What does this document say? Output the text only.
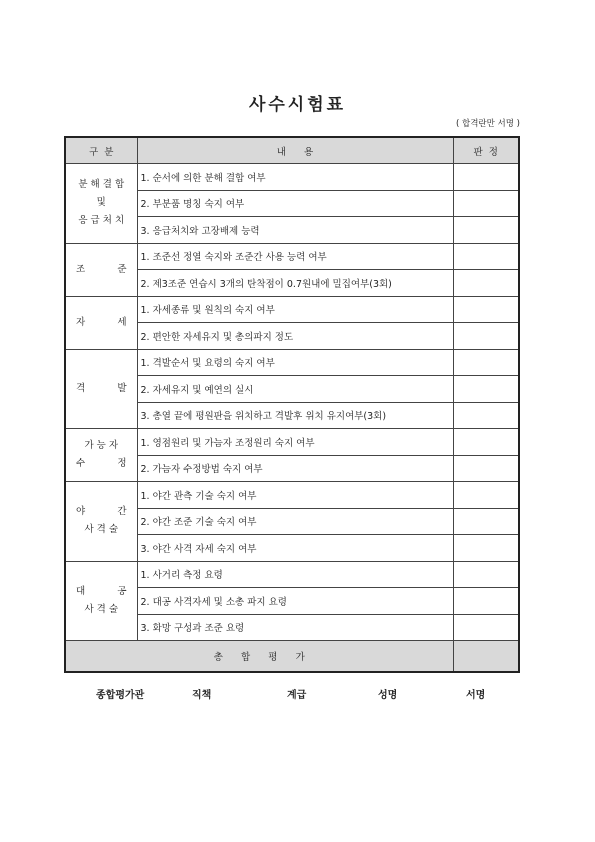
사수시험표
( 합격란만 서명 )
구  분	내      용	판  정

분 해 결 합
및
응 급 처 치	1. 순서에 의한 분해 결합 여부	
	2. 부분품 명칭 숙지 여부	
	3. 응급처치와 고장배제 능력	

조 준	1. 조준선 정열 숙지와 조준간 사용 능력 여부	
	2. 제3조준 연습시 3개의 탄착점이 0.7원내에 밀집여부(3회)	

자 세	1. 자세종류 및 원칙의 숙지 여부	
	2. 편안한 자세유지 및 총의파지 정도	

격 발	1. 격발순서 및 요령의 숙지 여부	
	2. 자세유지 및 예연의 실시	
	3. 총열 끝에 평원판을 위치하고 격발후 위치 유지여부(3회)	

가 능 자
수 정	1. 영점원리 및 가늠자 조정원리 숙지 여부	
	2. 가늠자 수정방법 숙지 여부	

야 간
사 격 술	1. 야간 관측 기술 숙지 여부	
	2. 야간 조준 기술 숙지 여부	
	3. 야간 사격 자세 숙지 여부	

대 공
사 격 술	1. 사거리 측정 요령	
	2. 대공 사격자세 및 소총 파지 요령	
	3. 화망 구성과 조준 요령	
총      합      평      가		
종합평가관	직책	계급	성명	서명
